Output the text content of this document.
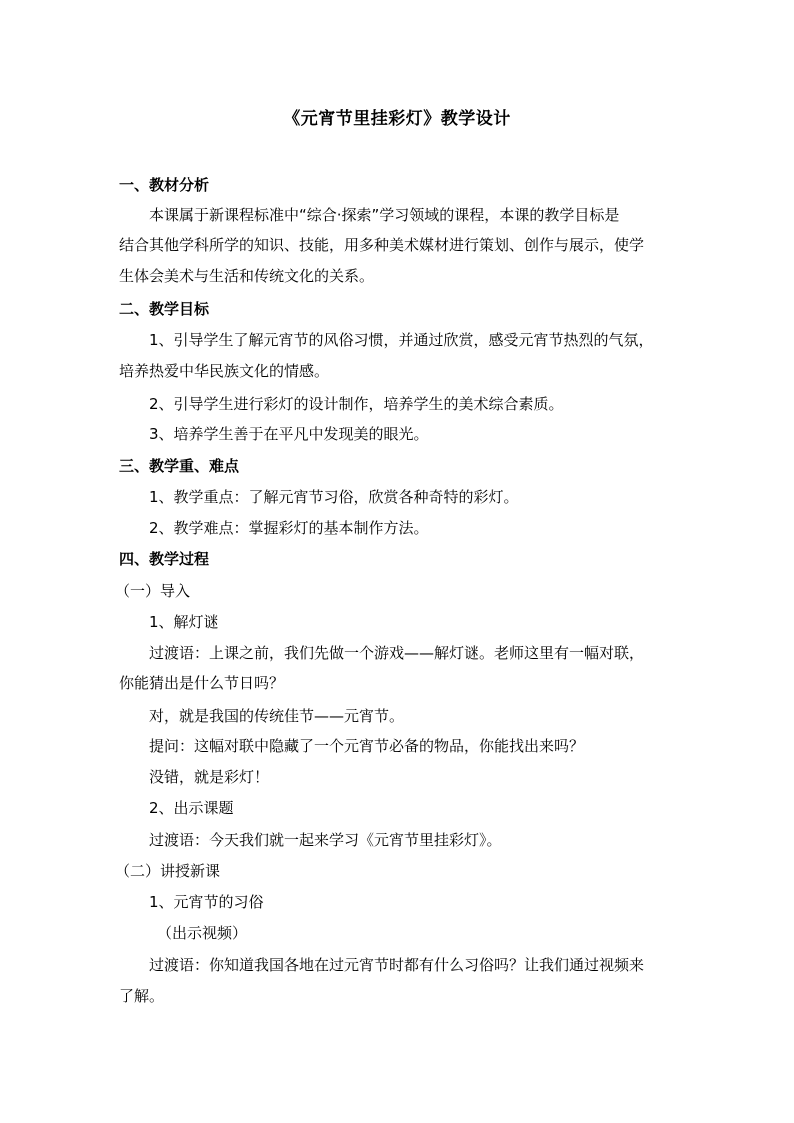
《元宵节里挂彩灯》教学设计
一、教材分析
本课属于新课程标准中“综合·探索”学习领域的课程，本课的教学目标是
结合其他学科所学的知识、技能，用多种美术媒材进行策划、创作与展示，使学
生体会美术与生活和传统文化的关系。
二、教学目标
1、引导学生了解元宵节的风俗习惯，并通过欣赏，感受元宵节热烈的气氛，
培养热爱中华民族文化的情感。
2、引导学生进行彩灯的设计制作，培养学生的美术综合素质。
3、培养学生善于在平凡中发现美的眼光。
三、教学重、难点
1、教学重点：了解元宵节习俗，欣赏各种奇特的彩灯。
2、教学难点：掌握彩灯的基本制作方法。
四、教学过程
（一）导入
1、解灯谜
过渡语：上课之前，我们先做一个游戏——解灯谜。老师这里有一幅对联，
你能猜出是什么节日吗？
对，就是我国的传统佳节——元宵节。
提问：这幅对联中隐藏了一个元宵节必备的物品，你能找出来吗？
没错，就是彩灯！
2、出示课题
过渡语：今天我们就一起来学习《元宵节里挂彩灯》。
（二）讲授新课
1、元宵节的习俗
（出示视频）
过渡语：你知道我国各地在过元宵节时都有什么习俗吗？让我们通过视频来
了解。
